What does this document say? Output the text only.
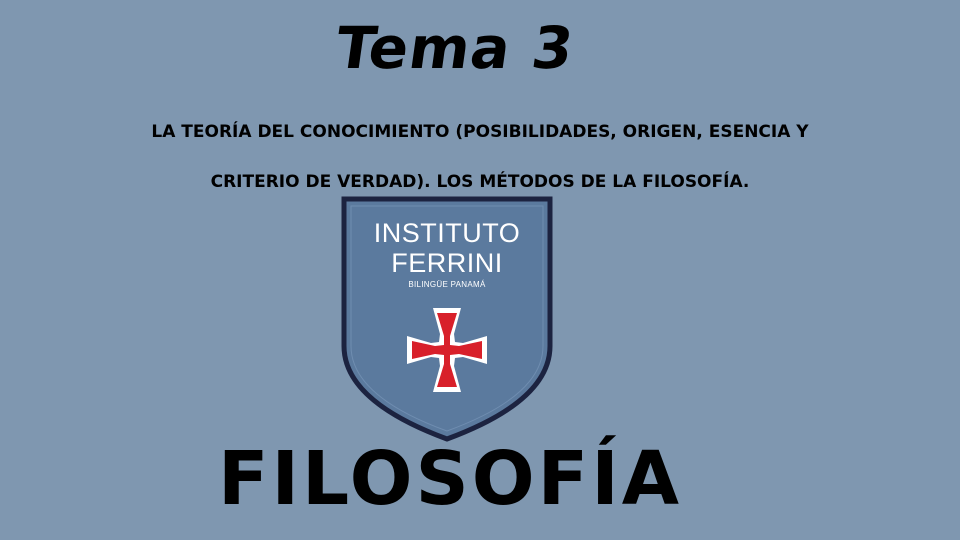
Tema 3
LA TEORÍA DEL CONOCIMIENTO (POSIBILIDADES, ORIGEN, ESENCIA Y
CRITERIO DE VERDAD). LOS MÉTODOS DE LA FILOSOFÍA.
INSTITUTO
FERRINI
BILINGÜE PANAMÁ
FILOSOFÍA
